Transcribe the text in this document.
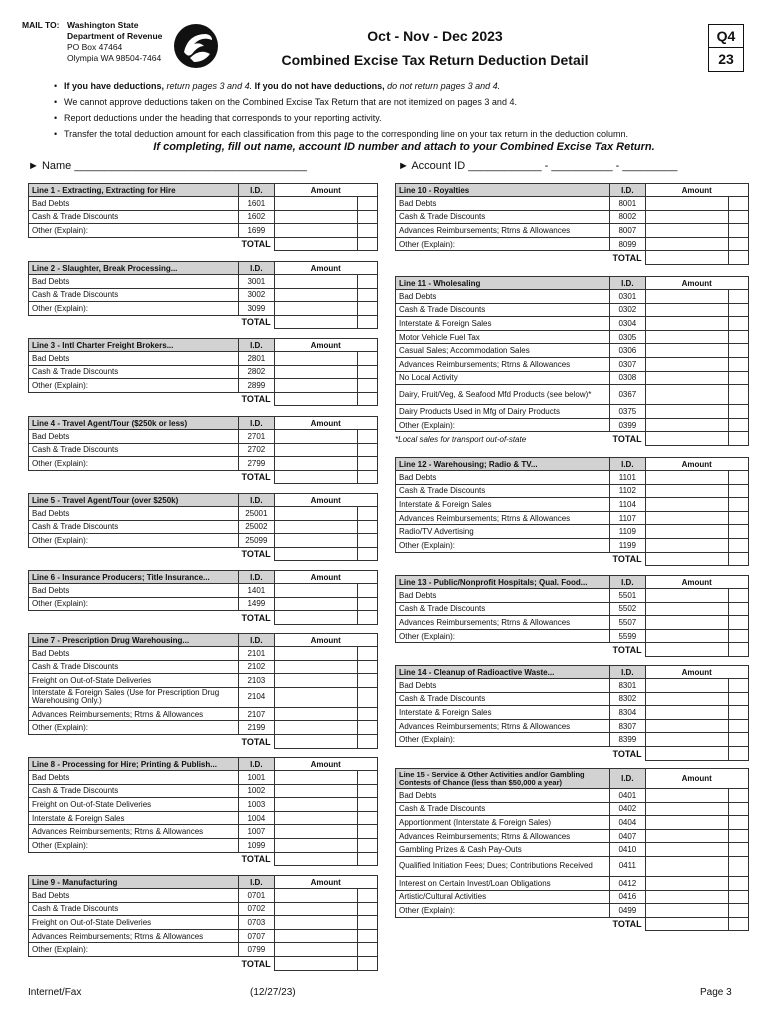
MAIL TO: Washington State
Department of Revenue
PO Box 47464
Olympia WA 98504-7464
Oct - Nov - Dec 2023
Combined Excise Tax Return Deduction Detail
Q4
23
• If you have deductions, return pages 3 and 4. If you do not have deductions, do not return pages 3 and 4.
• We cannot approve deductions taken on the Combined Excise Tax Return that are not itemized on pages 3 and 4.
• Report deductions under the heading that corresponds to your reporting activity.
• Transfer the total deduction amount for each classification from this page to the corresponding line on your tax return in the deduction column.
If completing, fill out name, account ID number and attach to your Combined Excise Tax Return.
► Name ______________________________________	► Account ID ____________ - __________ - _________
Line 1 - Extracting, Extracting for Hire	I.D.	Amount	
Bad Debts	1601		
Cash & Trade Discounts	1602		
Other (Explain):	1699		
	TOTAL		
Line 2 - Slaughter, Break Processing...	I.D.	Amount	
Bad Debts	3001		
Cash & Trade Discounts	3002		
Other (Explain):	3099		
	TOTAL		
Line 3 - Intl Charter Freight Brokers...	I.D.	Amount	
Bad Debts	2801		
Cash & Trade Discounts	2802		
Other (Explain):	2899		
	TOTAL		
Line 4 - Travel Agent/Tour ($250k or less)	I.D.	Amount	
Bad Debts	2701		
Cash & Trade Discounts	2702		
Other (Explain):	2799		
	TOTAL		
Line 5 - Travel Agent/Tour (over $250k)	I.D.	Amount	
Bad Debts	25001		
Cash & Trade Discounts	25002		
Other (Explain):	25099		
	TOTAL		
Line 6 - Insurance Producers; Title Insurance...	I.D.	Amount	
Bad Debts	1401		
Other (Explain):	1499		
	TOTAL		
Line 7 - Prescription Drug Warehousing...	I.D.	Amount	
Bad Debts	2101		
Cash & Trade Discounts	2102		
Freight on Out-of-State Deliveries	2103		
Interstate & Foreign Sales (Use for Prescription Drug Warehousing Only.)	2104		
Advances Reimbursements; Rtrns & Allowances	2107		
Other (Explain):	2199		
	TOTAL		
Line 8 - Processing for Hire; Printing & Publish...	I.D.	Amount	
Bad Debts	1001		
Cash & Trade Discounts	1002		
Freight on Out-of-State Deliveries	1003		
Interstate & Foreign Sales	1004		
Advances Reimbursements; Rtrns & Allowances	1007		
Other (Explain):	1099		
	TOTAL		
Line 9 - Manufacturing	I.D.	Amount	
Bad Debts	0701		
Cash & Trade Discounts	0702		
Freight on Out-of-State Deliveries	0703		
Advances Reimbursements; Rtrns & Allowances	0707		
Other (Explain):	0799		
	TOTAL		
Line 10 - Royalties	I.D.	Amount	
Bad Debts	8001		
Cash & Trade Discounts	8002		
Advances Reimbursements; Rtrns & Allowances	8007		
Other (Explain):	8099		
	TOTAL		
Line 11 - Wholesaling	I.D.	Amount	
Bad Debts	0301		
Cash & Trade Discounts	0302		
Interstate & Foreign Sales	0304		
Motor Vehicle Fuel Tax	0305		
Casual Sales; Accommodation Sales	0306		
Advances Reimbursements; Rtrns & Allowances	0307		
No Local Activity	0308		
Dairy, Fruit/Veg, & Seafood Mfd Products (see below)*	0367		
Dairy Products Used in Mfg of Dairy Products	0375		
Other (Explain):	0399		
	TOTAL		
*Local sales for transport out-of-state
Line 12 - Warehousing; Radio & TV...	I.D.	Amount	
Bad Debts	1101		
Cash & Trade Discounts	1102		
Interstate & Foreign Sales	1104		
Advances Reimbursements; Rtrns & Allowances	1107		
Radio/TV Advertising	1109		
Other (Explain):	1199		
	TOTAL		
Line 13 - Public/Nonprofit Hospitals; Qual. Food...	I.D.	Amount	
Bad Debts	5501		
Cash & Trade Discounts	5502		
Advances Reimbursements; Rtrns & Allowances	5507		
Other (Explain):	5599		
	TOTAL		
Line 14 - Cleanup of Radioactive Waste...	I.D.	Amount	
Bad Debts	8301		
Cash & Trade Discounts	8302		
Interstate & Foreign Sales	8304		
Advances Reimbursements; Rtrns & Allowances	8307		
Other (Explain):	8399		
	TOTAL		
Line 15 - Service & Other Activities and/or Gambling Contests of Chance (less than $50,000 a year)	I.D.	Amount	
Bad Debts	0401		
Cash & Trade Discounts	0402		
Apportionment (Interstate & Foreign Sales)	0404		
Advances Reimbursements; Rtrns & Allowances	0407		
Gambling Prizes & Cash Pay-Outs	0410		
Qualified Initiation Fees; Dues; Contributions Received	0411		
Interest on Certain Invest/Loan Obligations	0412		
Artistic/Cultural Activities	0416		
Other (Explain):	0499		
	TOTAL		
Internet/Fax	(12/27/23)	Page 3
